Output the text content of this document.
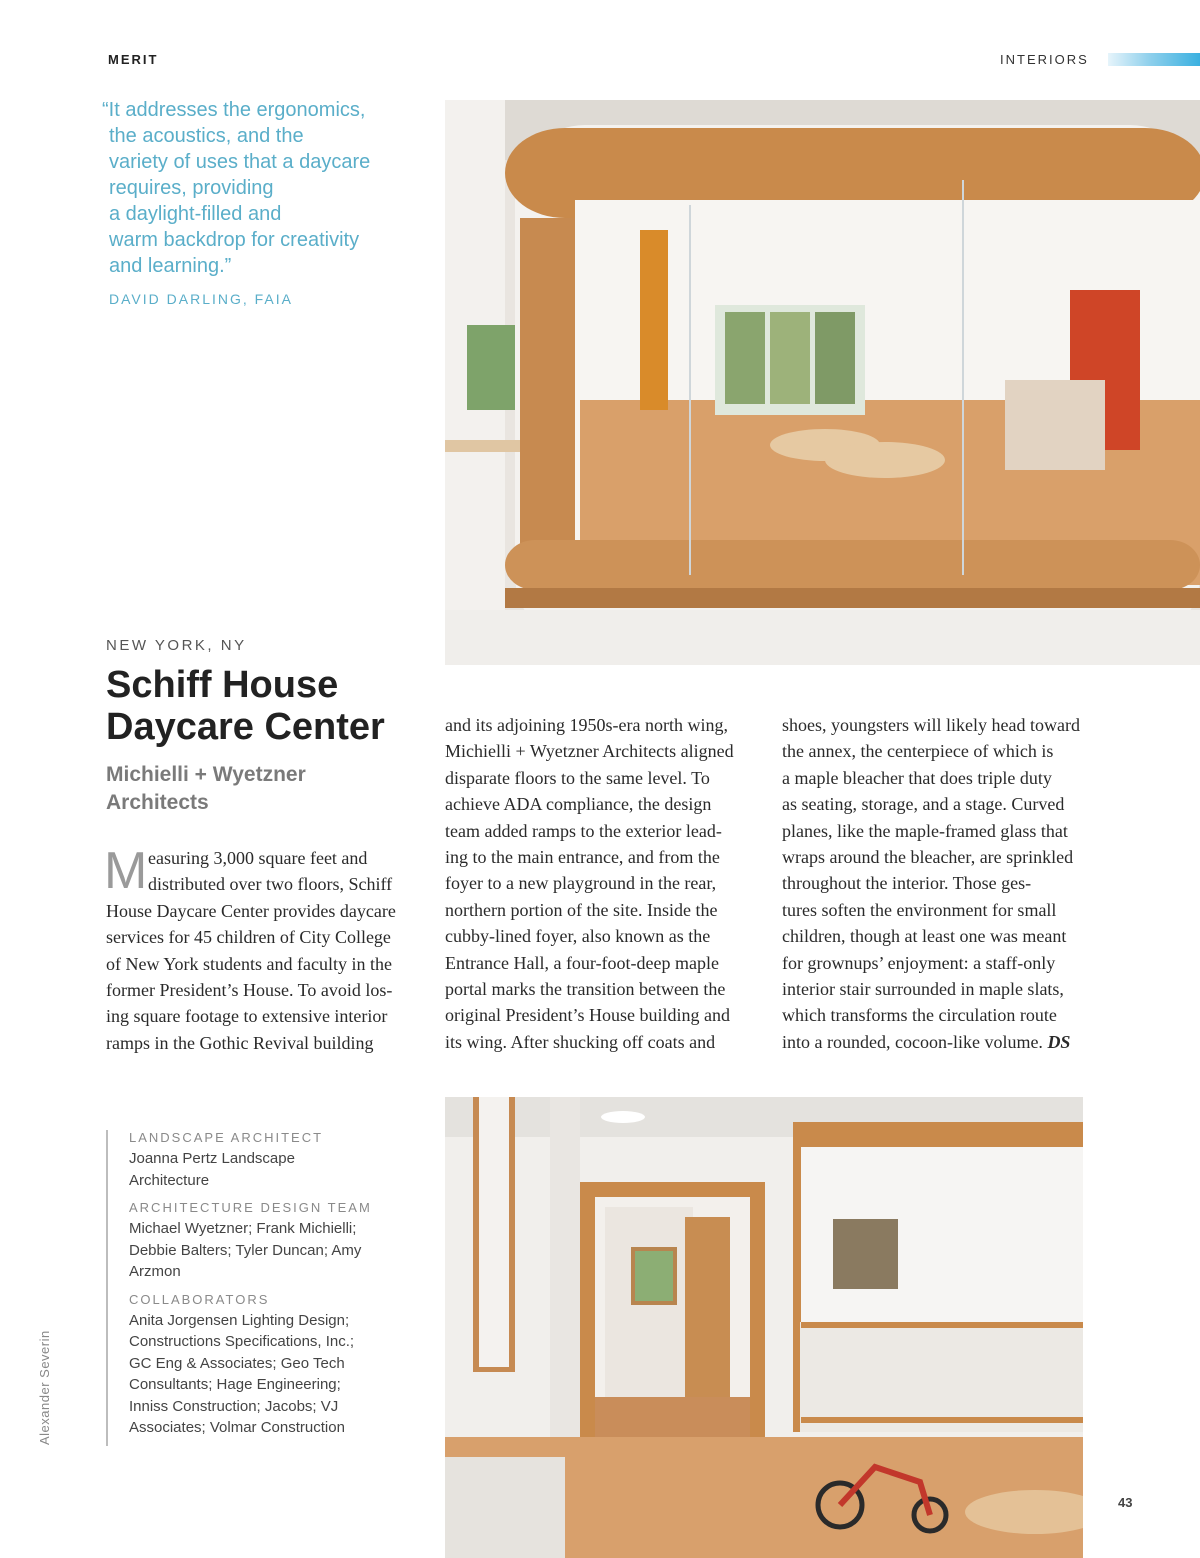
MERIT	INTERIORS
“It addresses the ergonomics,
the acoustics, and the
variety of uses that a daycare
requires, providing
a daylight-filled and
warm backdrop for creativity
and learning.”
DAVID DARLING, FAIA
NEW YORK, NY
Schiff House
Daycare Center
Michielli + Wyetzner
Architects
M easuring 3,000 square feet and
distributed over two floors, Schiff
House Daycare Center provides daycare
services for 45 children of City College
of New York students and faculty in the
former President’s House. To avoid los-
ing square footage to extensive interior
ramps in the Gothic Revival building
and its adjoining 1950s-era north wing,
Michielli + Wyetzner Architects aligned
disparate floors to the same level. To
achieve ADA compliance, the design
team added ramps to the exterior lead-
ing to the main entrance, and from the
foyer to a new playground in the rear,
northern portion of the site. Inside the
cubby-lined foyer, also known as the
Entrance Hall, a four-foot-deep maple
portal marks the transition between the
original President’s House building and
its wing. After shucking off coats and
shoes, youngsters will likely head toward
the annex, the centerpiece of which is
a maple bleacher that does triple duty
as seating, storage, and a stage. Curved
planes, like the maple-framed glass that
wraps around the bleacher, are sprinkled
throughout the interior. Those ges-
tures soften the environment for small
children, though at least one was meant
for grownups’ enjoyment: a staff-only
interior stair surrounded in maple slats,
which transforms the circulation route
into a rounded, cocoon-like volume. DS
LANDSCAPE ARCHITECT
Joanna Pertz Landscape
Architecture
ARCHITECTURE DESIGN TEAM
Michael Wyetzner; Frank Michielli;
Debbie Balters; Tyler Duncan; Amy
Arzmon
COLLABORATORS
Anita Jorgensen Lighting Design;
Constructions Specifications, Inc.;
GC Eng & Associates; Geo Tech
Consultants; Hage Engineering;
Inniss Construction; Jacobs; VJ
Associates; Volmar Construction
Alexander Severin
43
